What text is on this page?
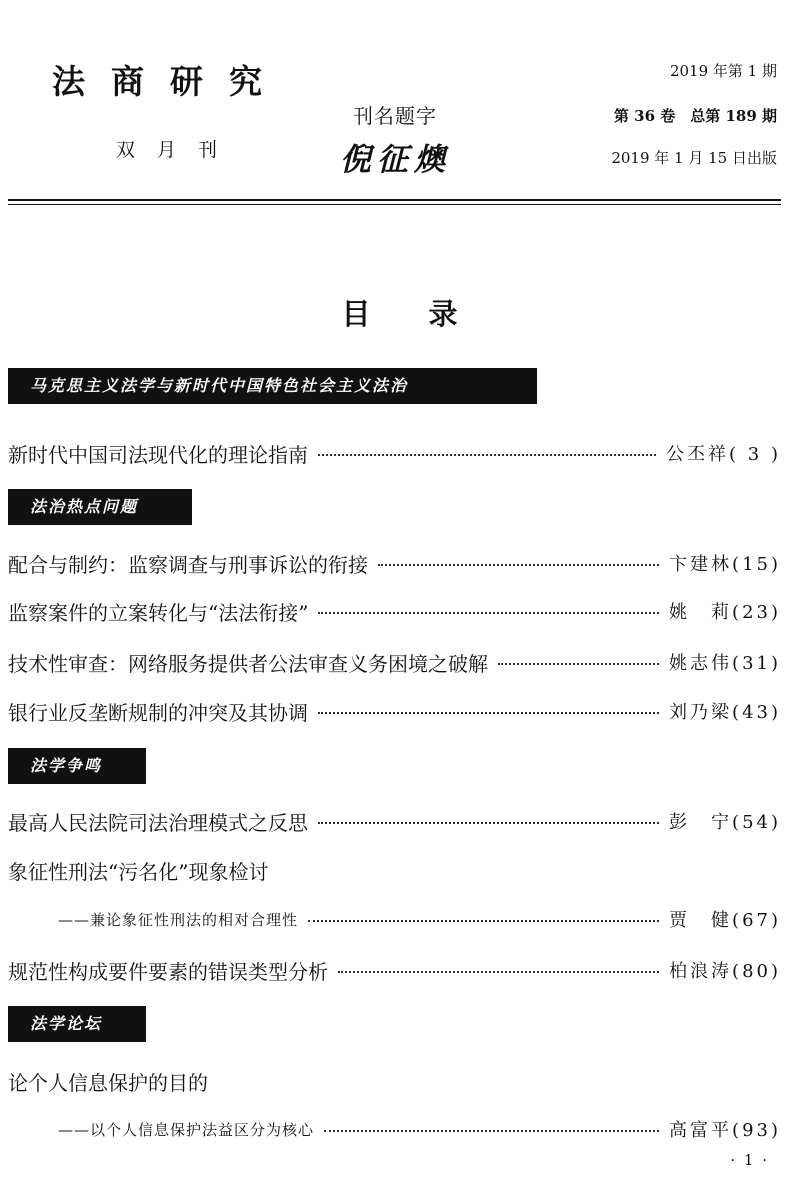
法商研究
双月刊
刊名题字
倪征燠
2019 年第 1 期
第 36 卷　总第 189 期
2019 年 1 月 15 日出版
目录
马克思主义法学与新时代中国特色社会主义法治
新时代中国司法现代化的理论指南	公丕祥( 3 )
法治热点问题
配合与制约：监察调查与刑事诉讼的衔接	卞建林(15)
监察案件的立案转化与“法法衔接”	姚　莉(23)
技术性审查：网络服务提供者公法审查义务困境之破解	姚志伟(31)
银行业反垄断规制的冲突及其协调	刘乃梁(43)
法学争鸣
最高人民法院司法治理模式之反思	彭　宁(54)
象征性刑法“污名化”现象检讨
——兼论象征性刑法的相对合理性	贾　健(67)
规范性构成要件要素的错误类型分析	柏浪涛(80)
法学论坛
论个人信息保护的目的
——以个人信息保护法益区分为核心	高富平(93)
· 1 ·
